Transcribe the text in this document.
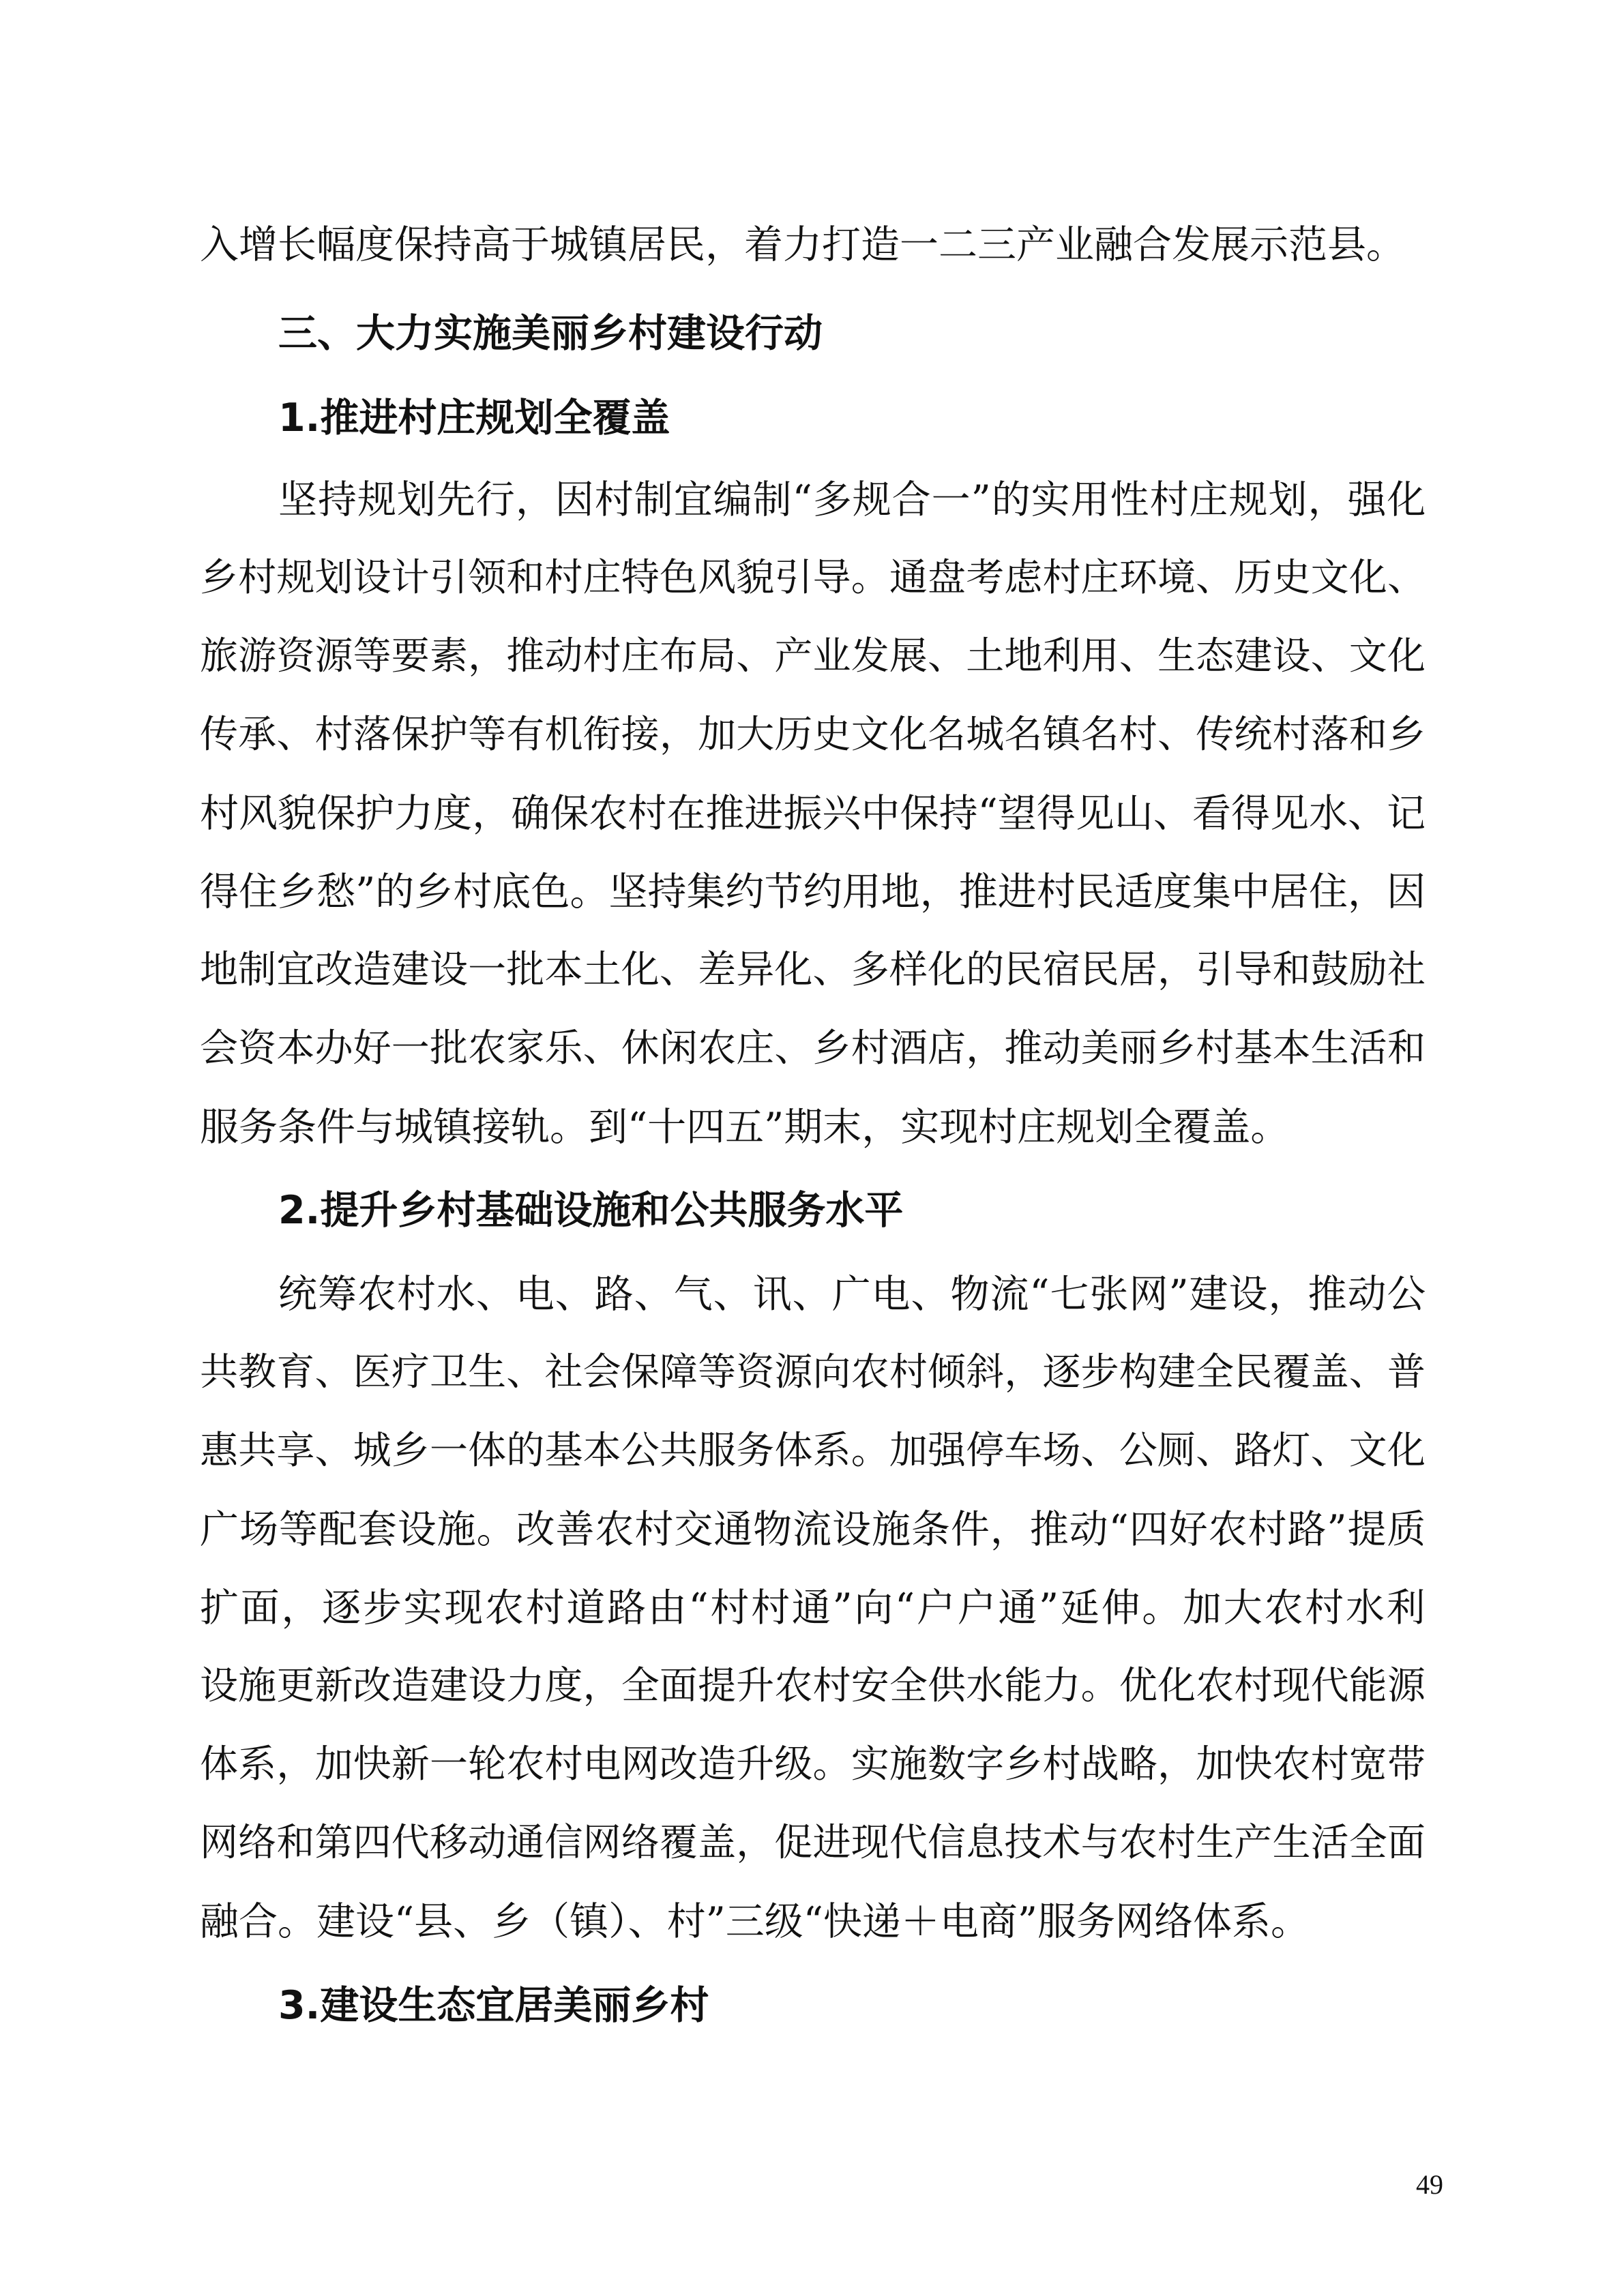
入增长幅度保持高于城镇居民，着力打造一二三产业融合发展示范县。
三、大力实施美丽乡村建设行动
1.推进村庄规划全覆盖
坚持规划先行，因村制宜编制“多规合一”的实用性村庄规划，强化
乡村规划设计引领和村庄特色风貌引导。通盘考虑村庄环境、历史文化、
旅游资源等要素，推动村庄布局、产业发展、土地利用、生态建设、文化
传承、村落保护等有机衔接，加大历史文化名城名镇名村、传统村落和乡
村风貌保护力度，确保农村在推进振兴中保持“望得见山、看得见水、记
得住乡愁”的乡村底色。坚持集约节约用地，推进村民适度集中居住，因
地制宜改造建设一批本土化、差异化、多样化的民宿民居，引导和鼓励社
会资本办好一批农家乐、休闲农庄、乡村酒店，推动美丽乡村基本生活和
服务条件与城镇接轨。到“十四五”期末，实现村庄规划全覆盖。
2.提升乡村基础设施和公共服务水平
统筹农村水、电、路、气、讯、广电、物流“七张网”建设，推动公
共教育、医疗卫生、社会保障等资源向农村倾斜，逐步构建全民覆盖、普
惠共享、城乡一体的基本公共服务体系。加强停车场、公厕、路灯、文化
广场等配套设施。改善农村交通物流设施条件，推动“四好农村路”提质
扩面，逐步实现农村道路由“村村通”向“户户通”延伸。加大农村水利
设施更新改造建设力度，全面提升农村安全供水能力。优化农村现代能源
体系，加快新一轮农村电网改造升级。实施数字乡村战略，加快农村宽带
网络和第四代移动通信网络覆盖，促进现代信息技术与农村生产生活全面
融合。建设“县、乡（镇）、村”三级“快递＋电商”服务网络体系。
3.建设生态宜居美丽乡村
49
